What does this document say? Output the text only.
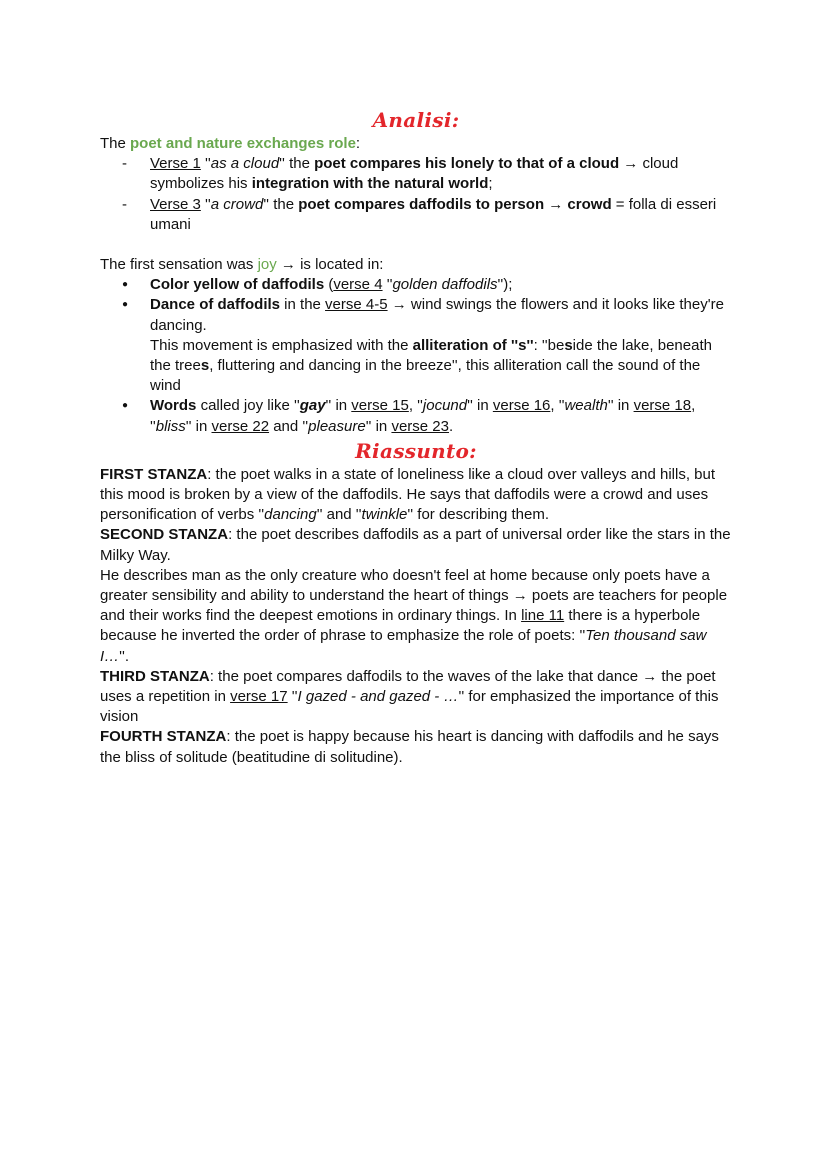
Analisi:
The poet and nature exchanges role:
- Verse 1 ''as a cloud'' the poet compares his lonely to that of a cloud → cloud symbolizes his integration with the natural world;
- Verse 3 ''a crowd'' the poet compares daffodils to person → crowd = folla di esseri umani
The first sensation was joy → is located in:
● Color yellow of daffodils (verse 4 ''golden daffodils'');
● Dance of daffodils in the verse 4-5 → wind swings the flowers and it looks like they're dancing.
This movement is emphasized with the alliteration of ''s'': ''beside the lake, beneath the trees, fluttering and dancing in the breeze'', this alliteration call the sound of the wind
● Words called joy like ''gay'' in verse 15, ''jocund'' in verse 16, ''wealth'' in verse 18, ''bliss'' in verse 22 and ''pleasure'' in verse 23.
Riassunto:
FIRST STANZA: the poet walks in a state of loneliness like a cloud over valleys and hills, but this mood is broken by a view of the daffodils. He says that daffodils were a crowd and uses personification of verbs ''dancing'' and ''twinkle'' for describing them.
SECOND STANZA: the poet describes daffodils as a part of universal order like the stars in the Milky Way.
He describes man as the only creature who doesn't feel at home because only poets have a greater sensibility and ability to understand the heart of things → poets are teachers for people and their works find the deepest emotions in ordinary things. In line 11 there is a hyperbole because he inverted the order of phrase to emphasize the role of poets: ''Ten thousand saw I…''.
THIRD STANZA: the poet compares daffodils to the waves of the lake that dance → the poet uses a repetition in verse 17 ''I gazed - and gazed - …'' for emphasized the importance of this vision
FOURTH STANZA: the poet is happy because his heart is dancing with daffodils and he says the bliss of solitude (beatitudine di solitudine).
